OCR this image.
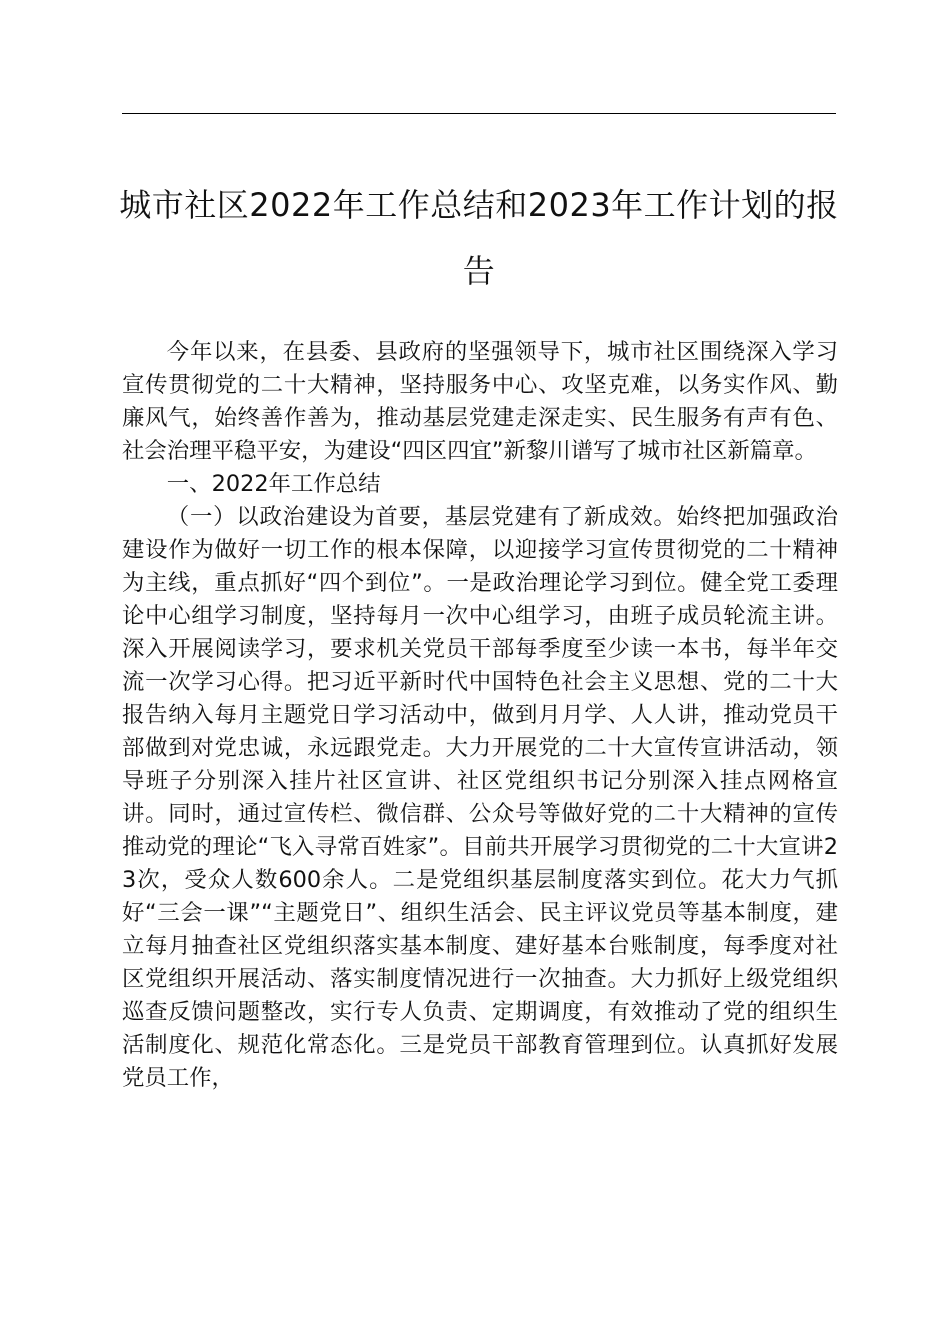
城市社区2022年工作总结和2023年工作计划的报告

今年以来，在县委、县政府的坚强领导下，城市社区围绕深入学习宣传贯彻党的二十大精神，坚持服务中心、攻坚克难，以务实作风、勤廉风气，始终善作善为，推动基层党建走深走实、民生服务有声有色、社会治理平稳平安，为建设“四区四宜”新黎川谱写了城市社区新篇章。

一、2022年工作总结

（一）以政治建设为首要，基层党建有了新成效。始终把加强政治建设作为做好一切工作的根本保障，以迎接学习宣传贯彻党的二十精神为主线，重点抓好“四个到位”。一是政治理论学习到位。健全党工委理论中心组学习制度，坚持每月一次中心组学习，由班子成员轮流主讲。深入开展阅读学习，要求机关党员干部每季度至少读一本书，每半年交流一次学习心得。把习近平新时代中国特色社会主义思想、党的二十大报告纳入每月主题党日学习活动中，做到月月学、人人讲，推动党员干部做到对党忠诚，永远跟党走。大力开展党的二十大宣传宣讲活动，领导班子分别深入挂片社区宣讲、社区党组织书记分别深入挂点网格宣讲。同时，通过宣传栏、微信群、公众号等做好党的二十大精神的宣传推动党的理论“飞入寻常百姓家”。目前共开展学习贯彻党的二十大宣讲23次，受众人数600余人。二是党组织基层制度落实到位。花大力气抓好“三会一课”“主题党日”、组织生活会、民主评议党员等基本制度，建立每月抽查社区党组织落实基本制度、建好基本台账制度，每季度对社区党组织开展活动、落实制度情况进行一次抽查。大力抓好上级党组织巡查反馈问题整改，实行专人负责、定期调度，有效推动了党的组织生活制度化、规范化常态化。三是党员干部教育管理到位。认真抓好发展党员工作，
